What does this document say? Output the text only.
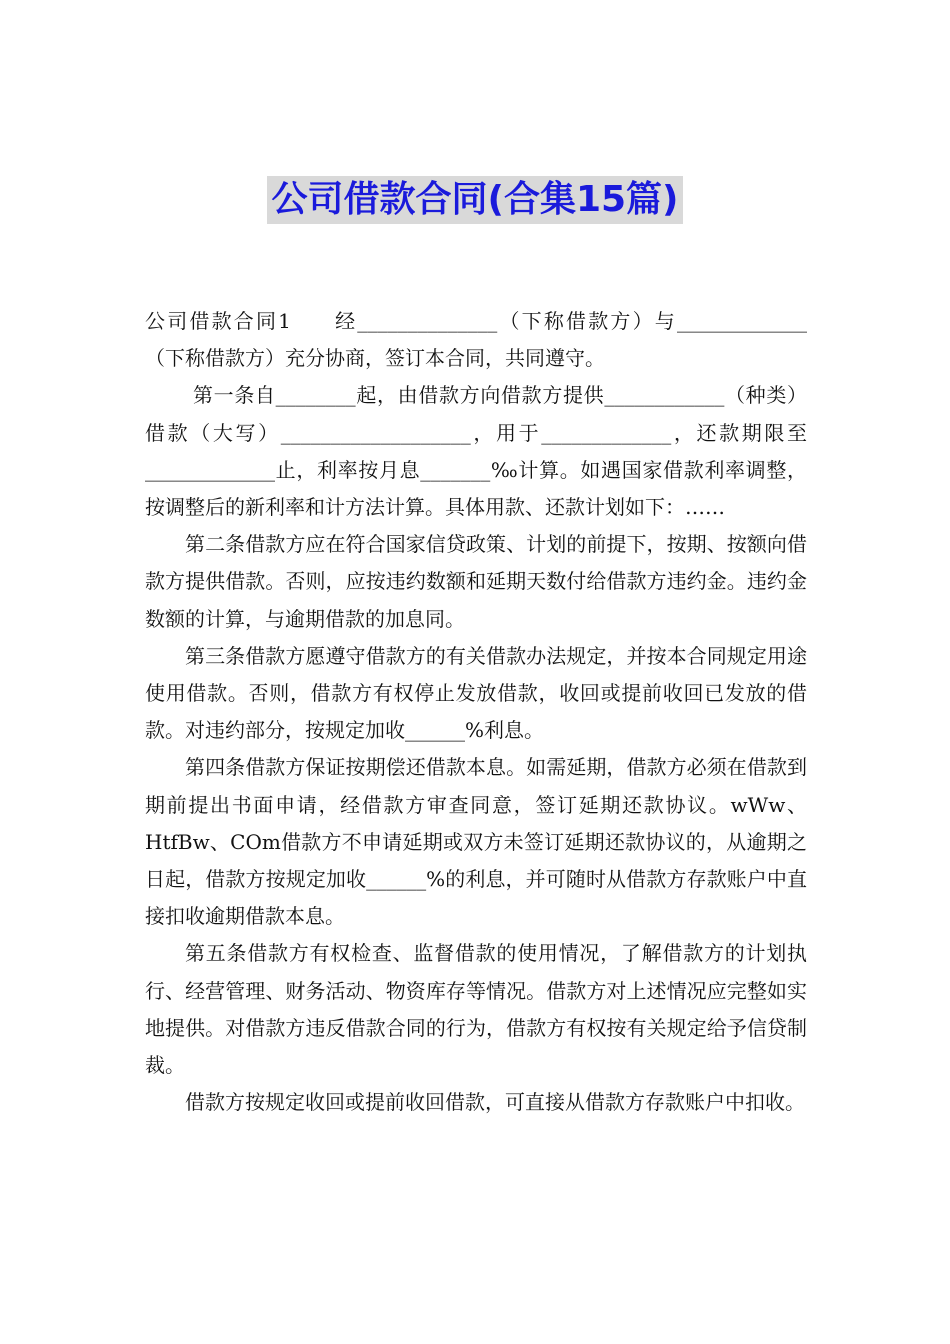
公司借款合同(合集15篇)

公司借款合同1 经______________（下称借款方）与_____________（下称借款方）充分协商，签订本合同，共同遵守。

第一条自________起，由借款方向借款方提供____________（种类）借款（大写）___________________，用于_____________，还款期限至_____________止，利率按月息_______‰计算。如遇国家借款利率调整，按调整后的新利率和计方法计算。具体用款、还款计划如下：……

第二条借款方应在符合国家信贷政策、计划的前提下，按期、按额向借款方提供借款。否则，应按违约数额和延期天数付给借款方违约金。违约金数额的计算，与逾期借款的加息同。

第三条借款方愿遵守借款方的有关借款办法规定，并按本合同规定用途使用借款。否则，借款方有权停止发放借款，收回或提前收回已发放的借款。对违约部分，按规定加收______%利息。

第四条借款方保证按期偿还借款本息。如需延期，借款方必须在借款到期前提出书面申请，经借款方审查同意，签订延期还款协议。wWw、HtfBw、COm借款方不申请延期或双方未签订延期还款协议的，从逾期之日起，借款方按规定加收______%的利息，并可随时从借款方存款账户中直接扣收逾期借款本息。

第五条借款方有权检查、监督借款的使用情况，了解借款方的计划执行、经营管理、财务活动、物资库存等情况。借款方对上述情况应完整如实地提供。对借款方违反借款合同的行为，借款方有权按有关规定给予信贷制裁。

借款方按规定收回或提前收回借款，可直接从借款方存款账户中扣收。
